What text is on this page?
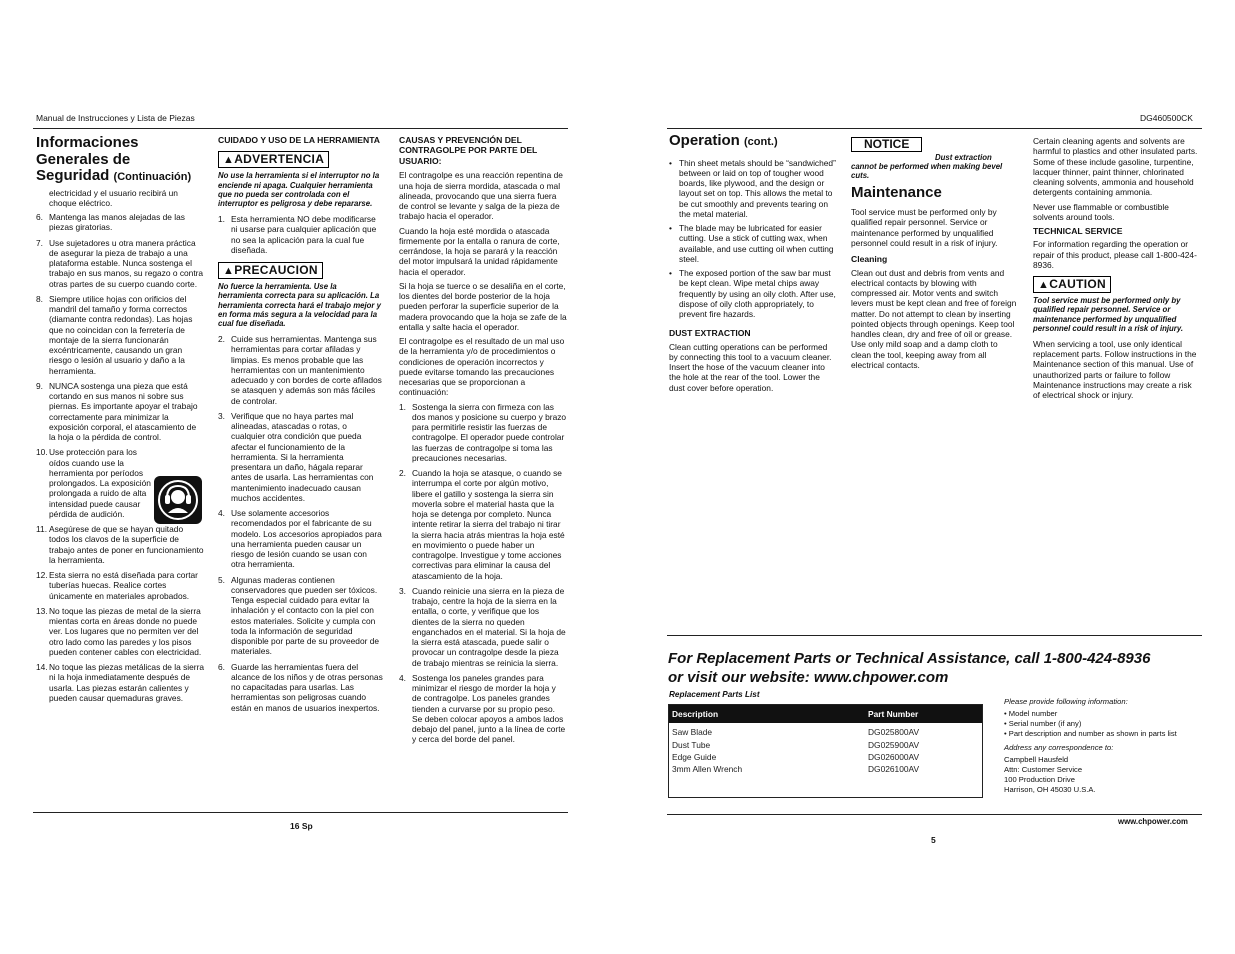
Manual de Instrucciones y Lista de Piezas	DG460500CK
Informaciones Generales de Seguridad (Continuación)

electricidad y el usuario recibirá un choque eléctrico.

6. Mantenga las manos alejadas de las piezas giratorias.
7. Use sujetadores u otra manera práctica de asegurar la pieza de trabajo a una plataforma estable. Nunca sostenga el trabajo en sus manos, su regazo o contra otras partes de su cuerpo cuando corte.
8. Siempre utilice hojas con orificios del mandril del tamaño y forma correctos (diamante contra redondas). Las hojas que no coincidan con la ferretería de montaje de la sierra funcionarán excéntricamente, causando un gran riesgo o lesión al usuario y daño a la herramienta.
9. NUNCA sostenga una pieza que está cortando en sus manos ni sobre sus piernas. Es importante apoyar el trabajo correctamente para minimizar la exposición corporal, el atascamiento de la hoja o la pérdida de control.
10. Use protección para los oídos cuando use la herramienta por períodos prolongados. La exposición prolongada a ruido de alta intensidad puede causar pérdida de audición.
11. Asegúrese de que se hayan quitado todos los clavos de la superficie de trabajo antes de poner en funcionamiento la herramienta.
12. Esta sierra no está diseñada para cortar tuberías huecas. Realice cortes únicamente en materiales aprobados.
13. No toque las piezas de metal de la sierra mientas corta en áreas donde no puede ver. Los lugares que no permiten ver del otro lado como las paredes y los pisos pueden contener cables con electricidad.
14. No toque las piezas metálicas de la sierra ni la hoja inmediatamente después de usarla. Las piezas estarán calientes y pueden causar quemaduras graves.
CUIDADO Y USO DE LA HERRAMIENTA
▲ADVERTENCIA
No use la herramienta si el interruptor no la enciende ni apaga. Cualquier herramienta que no pueda ser controlada con el interruptor es peligrosa y debe repararse.
1. Esta herramienta NO debe modificarse ni usarse para cualquier aplicación que no sea la aplicación para la cual fue diseñada.
▲PRECAUCION
No fuerce la herramienta. Use la herramienta correcta para su aplicación. La herramienta correcta hará el trabajo mejor y en forma más segura a la velocidad para la cual fue diseñada.
2. Cuide sus herramientas. Mantenga sus herramientas para cortar afiladas y limpias. Es menos probable que las herramientas con un mantenimiento adecuado y con bordes de corte afilados se atasquen y además son más fáciles de controlar.
3. Verifique que no haya partes mal alineadas, atascadas o rotas, o cualquier otra condición que pueda afectar el funcionamiento de la herramienta. Si la herramienta presentara un daño, hágala reparar antes de usarla. Las herramientas con mantenimiento inadecuado causan muchos accidentes.
4. Use solamente accesorios recomendados por el fabricante de su modelo. Los accesorios apropiados para una herramienta pueden causar un riesgo de lesión cuando se usan con otra herramienta.
5. Algunas maderas contienen conservadores que pueden ser tóxicos. Tenga especial cuidado para evitar la inhalación y el contacto con la piel con estos materiales. Solicite y cumpla con toda la información de seguridad disponible por parte de su proveedor de materiales.
6. Guarde las herramientas fuera del alcance de los niños y de otras personas no capacitadas para usarlas. Las herramientas son peligrosas cuando están en manos de usuarios inexpertos.
CAUSAS Y PREVENCIÓN DEL CONTRAGOLPE POR PARTE DEL USUARIO:

El contragolpe es una reacción repentina de una hoja de sierra mordida, atascada o mal alineada, provocando que una sierra fuera de control se levante y salga de la pieza de trabajo hacia el operador.

Cuando la hoja esté mordida o atascada firmemente por la entalla o ranura de corte, cerrándose, la hoja se parará y la reacción del motor impulsará la unidad rápidamente hacia el operador.

Si la hoja se tuerce o se desaliña en el corte, los dientes del borde posterior de la hoja pueden perforar la superficie superior de la madera provocando que la hoja se zafe de la entalla y salte hacia el operador.

El contragolpe es el resultado de un mal uso de la herramienta y/o de procedimientos o condiciones de operación incorrectos y puede evitarse tomando las precauciones necesarias que se proporcionan a continuación:

1. Sostenga la sierra con firmeza con las dos manos y posicione su cuerpo y brazo para permitirle resistir las fuerzas de contragolpe. El operador puede controlar las fuerzas de contragolpe si toma las precauciones necesarias.
2. Cuando la hoja se atasque, o cuando se interrumpa el corte por algún motivo, libere el gatillo y sostenga la sierra sin moverla sobre el material hasta que la hoja se detenga por completo. Nunca intente retirar la sierra del trabajo ni tirar la sierra hacia atrás mientras la hoja esté en movimiento o puede haber un contragolpe. Investigue y tome acciones correctivas para eliminar la causa del atascamiento de la hoja.
3. Cuando reinicie una sierra en la pieza de trabajo, centre la hoja de la sierra en la entalla, o corte, y verifique que los dientes de la sierra no queden enganchados en el material. Si la hoja de la sierra está atascada, puede salir o provocar un contragolpe desde la pieza de trabajo mientras se reinicia la sierra.
4. Sostenga los paneles grandes para minimizar el riesgo de morder la hoja y de contragolpe. Los paneles grandes tienden a curvarse por su propio peso. Se deben colocar apoyos a ambos lados debajo del panel, junto a la línea de corte y cerca del borde del panel.
16 Sp
Operation (cont.)
• Thin sheet metals should be “sandwiched” between or laid on top of tougher wood boards, like plywood, and the design or layout set on top. This allows the metal to be cut smoothly and prevents tearing on the metal material.
• The blade may be lubricated for easier cutting. Use a stick of cutting wax, when available, and use cutting oil when cutting steel.
• The exposed portion of the saw bar must be kept clean. Wipe metal chips away frequently by using an oily cloth. After use, dispose of oily cloth appropriately, to prevent fire hazards.
DUST EXTRACTION

Clean cutting operations can be performed by connecting this tool to a vacuum cleaner. Insert the hose of the vacuum cleaner into the hole at the rear of the tool. Lower the dust cover before operation.

NOTICE
Dust extraction cannot be performed when making bevel cuts.
Maintenance

Tool service must be performed only by qualified repair personnel. Service or maintenance performed by unqualified personnel could result in a risk of injury.

Cleaning

Clean out dust and debris from vents and electrical contacts by blowing with compressed air. Motor vents and switch levers must be kept clean and free of foreign matter. Do not attempt to clean by inserting pointed objects through openings. Keep tool handles clean, dry and free of oil or grease. Use only mild soap and a damp cloth to clean the tool, keeping away from all electrical contacts.

Certain cleaning agents and solvents are harmful to plastics and other insulated parts. Some of these include gasoline, turpentine, lacquer thinner, paint thinner, chlorinated cleaning solvents, ammonia and household detergents containing ammonia.

Never use flammable or combustible solvents around tools.

TECHNICAL SERVICE

For information regarding the operation or repair of this product, please call 1-800-424-8936.

▲CAUTION
Tool service must be performed only by qualified repair personnel. Service or maintenance performed by unqualified personnel could result in a risk of injury.

When servicing a tool, use only identical replacement parts. Follow instructions in the Maintenance section of this manual. Use of unauthorized parts or failure to follow Maintenance instructions may create a risk of electrical shock or injury.

For Replacement Parts or Technical Assistance, call 1-800-424-8936
or visit our website: www.chpower.com
Replacement Parts List
Description	Part Number
Saw Blade	DG025800AV
Dust Tube	DG025900AV
Edge Guide	DG026000AV
3mm Allen Wrench	DG026100AV
Please provide following information:
• Model number
• Serial number (if any)
• Part description and number as shown in parts list
Address any correspondence to:
Campbell Hausfeld
Attn: Customer Service
100 Production Drive
Harrison, OH 45030 U.S.A.
www.chpower.com
5
